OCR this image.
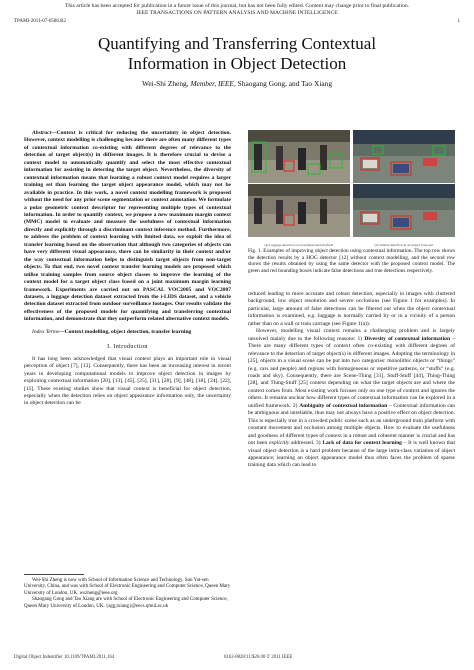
This article has been accepted for publication in a future issue of this journal, but has not been fully edited. Content may change prior to final publication.
IEEE TRANSACTIONS ON PATTERN ANALYSIS AND MACHINE INTELLIGENCE
TPAMI-2011-07-0586.R2	1
Quantifying and Transferring Contextual
Information in Object Detection
Wei-Shi Zheng, Member, IEEE, Shaogang Gong, and Tao Xiang

Abstract—Context is critical for reducing the uncertainty in object detection. However, context modelling is challenging because there are often many different types of contextual information co-existing with different degrees of relevance to the detection of target object(s) in different images. It is therefore crucial to devise a context model to automatically quantify and select the most effective contextual information for assisting in detecting the target object. Nevertheless, the diversity of contextual information means that learning a robust context model requires a larger training set than learning the target object appearance model, which may not be available in practice. In this work, a novel context modelling framework is proposed without the need for any prior scene segmentation or context annotation. We formulate a polar geometric context descriptor for representing multiple types of contextual information. In order to quantify context, we propose a new maximum margin context (MMC) model to evaluate and measure the usefulness of contextual information directly and explicitly through a discriminant context inference method. Furthermore, to address the problem of context learning with limited data, we exploit the idea of transfer learning based on the observation that although two categories of objects can have very different visual appearance, there can be similarity in their context and/or the way contextual information helps to distinguish target objects from non-target objects. To that end, two novel context transfer learning models are proposed which utilise training samples from source object classes to improve the learning of the context model for a target object class based on a joint maximum margin learning framework. Experiments are carried out on PASCAL VOC2005 and VOC2007 datasets, a luggage detection dataset extracted from the i-LIDS dataset, and a vehicle detection dataset extracted from outdoor surveillance footages. Our results validate the effectiveness of the proposed models for quantifying and transferring contextual information, and demonstrate that they outperform related alternative context models.

Index Terms—Context modelling, object detection, transfer learning

I. Introduction

It has long been acknowledged that visual context plays an important role in visual perception of object [7], [13]. Consequently, there has been an increasing interest in recent years in developing computational models to improve object detection in images by exploiting contextual information [20], [13], [45], [25], [31], [28], [9], [48], [18], [24], [22], [15]. These existing studies show that visual context is beneficial for object detection, especially when the detection relies on object appearance information only, the uncertainty in object detection can be

Wei-Shi Zheng is now with School of Information Science and Technology, Sun Yat-sen University, China, and was with School of Electronic Engineering and Computer Science, Queen Mary University of London, UK. wszheng@ieee.org

Shaogang Gong and Tao Xiang are with School of Electronic Engineering and Computer Science, Queen Mary University of London, UK. {sgg,txiang}@eecs.qmul.ac.uk

(a) Luggage detection on an underground platform	(b) Vehicle detection in an airport forecourt
Fig. 1. Examples of improving object detection using contextual information. The top row shows the detection results by a HOG detector [12] without context modelling, and the second row shows the results obtained by using the same detector with the proposed context model. The green and red bounding boxes indicate false detections and true detections respectively.

reduced leading to more accurate and robust detection, especially in images with cluttered background, low object resolution and severe occlusions (see Figure 1 for examples). In particular, large amount of false detections can be filtered out when the object contextual information is examined, e.g. luggage is normally carried by or in a vicinity of a person rather than on a wall or train carriage (see Figure 1(a)).

However, modelling visual context remains a challenging problem and is largely unsolved mainly due to the following reasons: 1) Diversity of contextual information – There are many different types of context often co-existing with different degrees of relevance to the detection of target object(s) in different images. Adopting the terminology in [25], objects in a visual scene can be put into two categories: monolithic objects or “things” (e.g. cars and people) and regions with homogeneous or repetitive patterns, or “stuffs” (e.g. roads and sky). Consequently, there are Scene-Thing [31], Stuff-Stuff [44], Thing-Thing [28], and Thing-Stuff [25] context depending on what the target objects are and where the context comes from. Most existing work focuses only on one type of context and ignores the others. It remains unclear how different types of contextual information can be explored in a unified framework. 2) Ambiguity of contextual information – Contextual information can be ambiguous and unreliable, thus may not always have a positive effect on object detection. This is especially true in a crowded public scene such as an underground train platform with constant movement and occlusion among multiple objects. How to evaluate the usefulness and goodness of different types of context in a robust and coherent manner is crucial and has not been explicitly addressed. 3) Lack of data for context learning – It is well known that visual object detection is a hard problem because of the large intra-class variation of object appearance; learning an object appearance model thus often faces the problem of sparse training data which can lead to

Digital Object Indentifier 10.1109/TPAMI.2011.164	0162-8828/11/$26.00 © 2011 IEEE
